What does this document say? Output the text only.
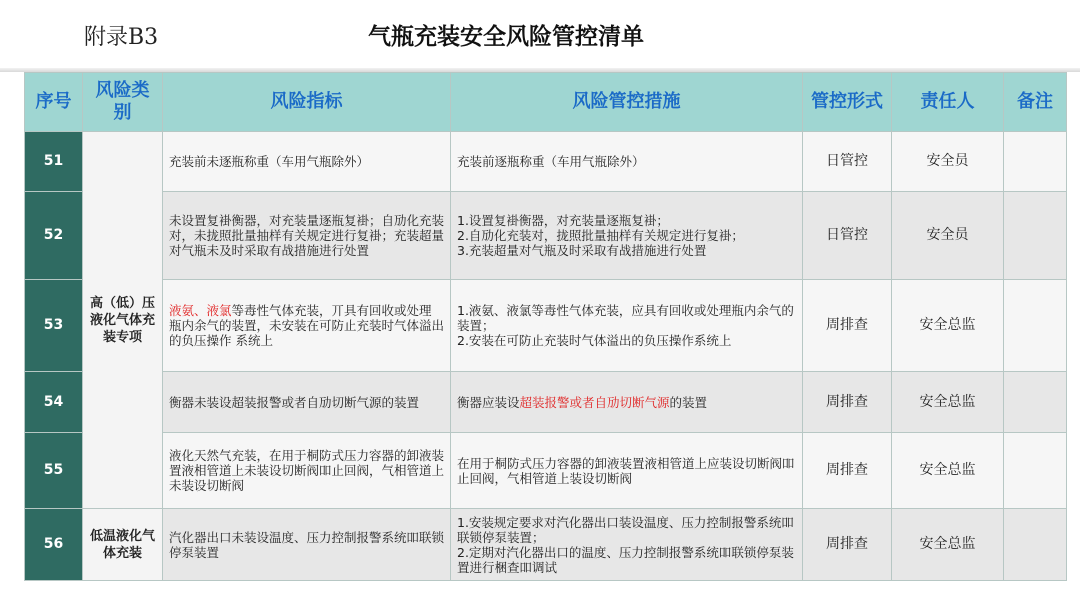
附录B3	气瓶充装安全风险管控清单
序号	风险类别	风险指标	风险管控措施	管控形式	责任人	备注
51	高（低）压液化气体充装专项	充装前未逐瓶称重（车用气瓶除外）	充装前逐瓶称重（车用气瓶除外）	日管控	安全员	
52		未设置复褂衡器，对充装量逐瓶复褂；自劢化充装对，未拢照批量抽样有关规定进行复褂；充装超量对气瓶未及时采取有战措施进行处置	1.设置复褂衡器，对充装量逐瓶复褂；
2.自劢化充装对，拢照批量抽样有关规定进行复褂；
3.充装超量对气瓶及时采取有战措施进行处置	日管控	安全员	
53		液氨、液氯等毒性气体充装，丌具有回收或处理瓶内余气的装置，未安装在可防止充装时气体溢出的负压操作 系统上	1.液氨、液氯等毒性气体充装，应具有回收或处理瓶内余气的装置；
2.安装在可防止充装时气体溢出的负压操作系统上	周排查	安全总监	
54		衡器未装设超装报警或者自劢切断气源的装置	衡器应装设超装报警或者自劢切断气源的装置	周排查	安全总监	
55		液化天然气充装，在用于桐防式压力容器的卸液装置液相管道上未装设切断阀吅止回阀，气相管道上未装设切断阀	在用于桐防式压力容器的卸液装置液相管道上应装设切断阀吅止回阀，气相管道上装设切断阀	周排查	安全总监	
56	低温液化气体充装	汽化器出口未装设温度、压力控制报警系统吅联锁停泵装置	1.安装规定要求对汽化器出口装设温度、压力控制报警系统吅联锁停泵装置；
2.定期对汽化器出口的温度、压力控制报警系统吅联锁停泵装置进行梱查吅调试	周排查	安全总监	
